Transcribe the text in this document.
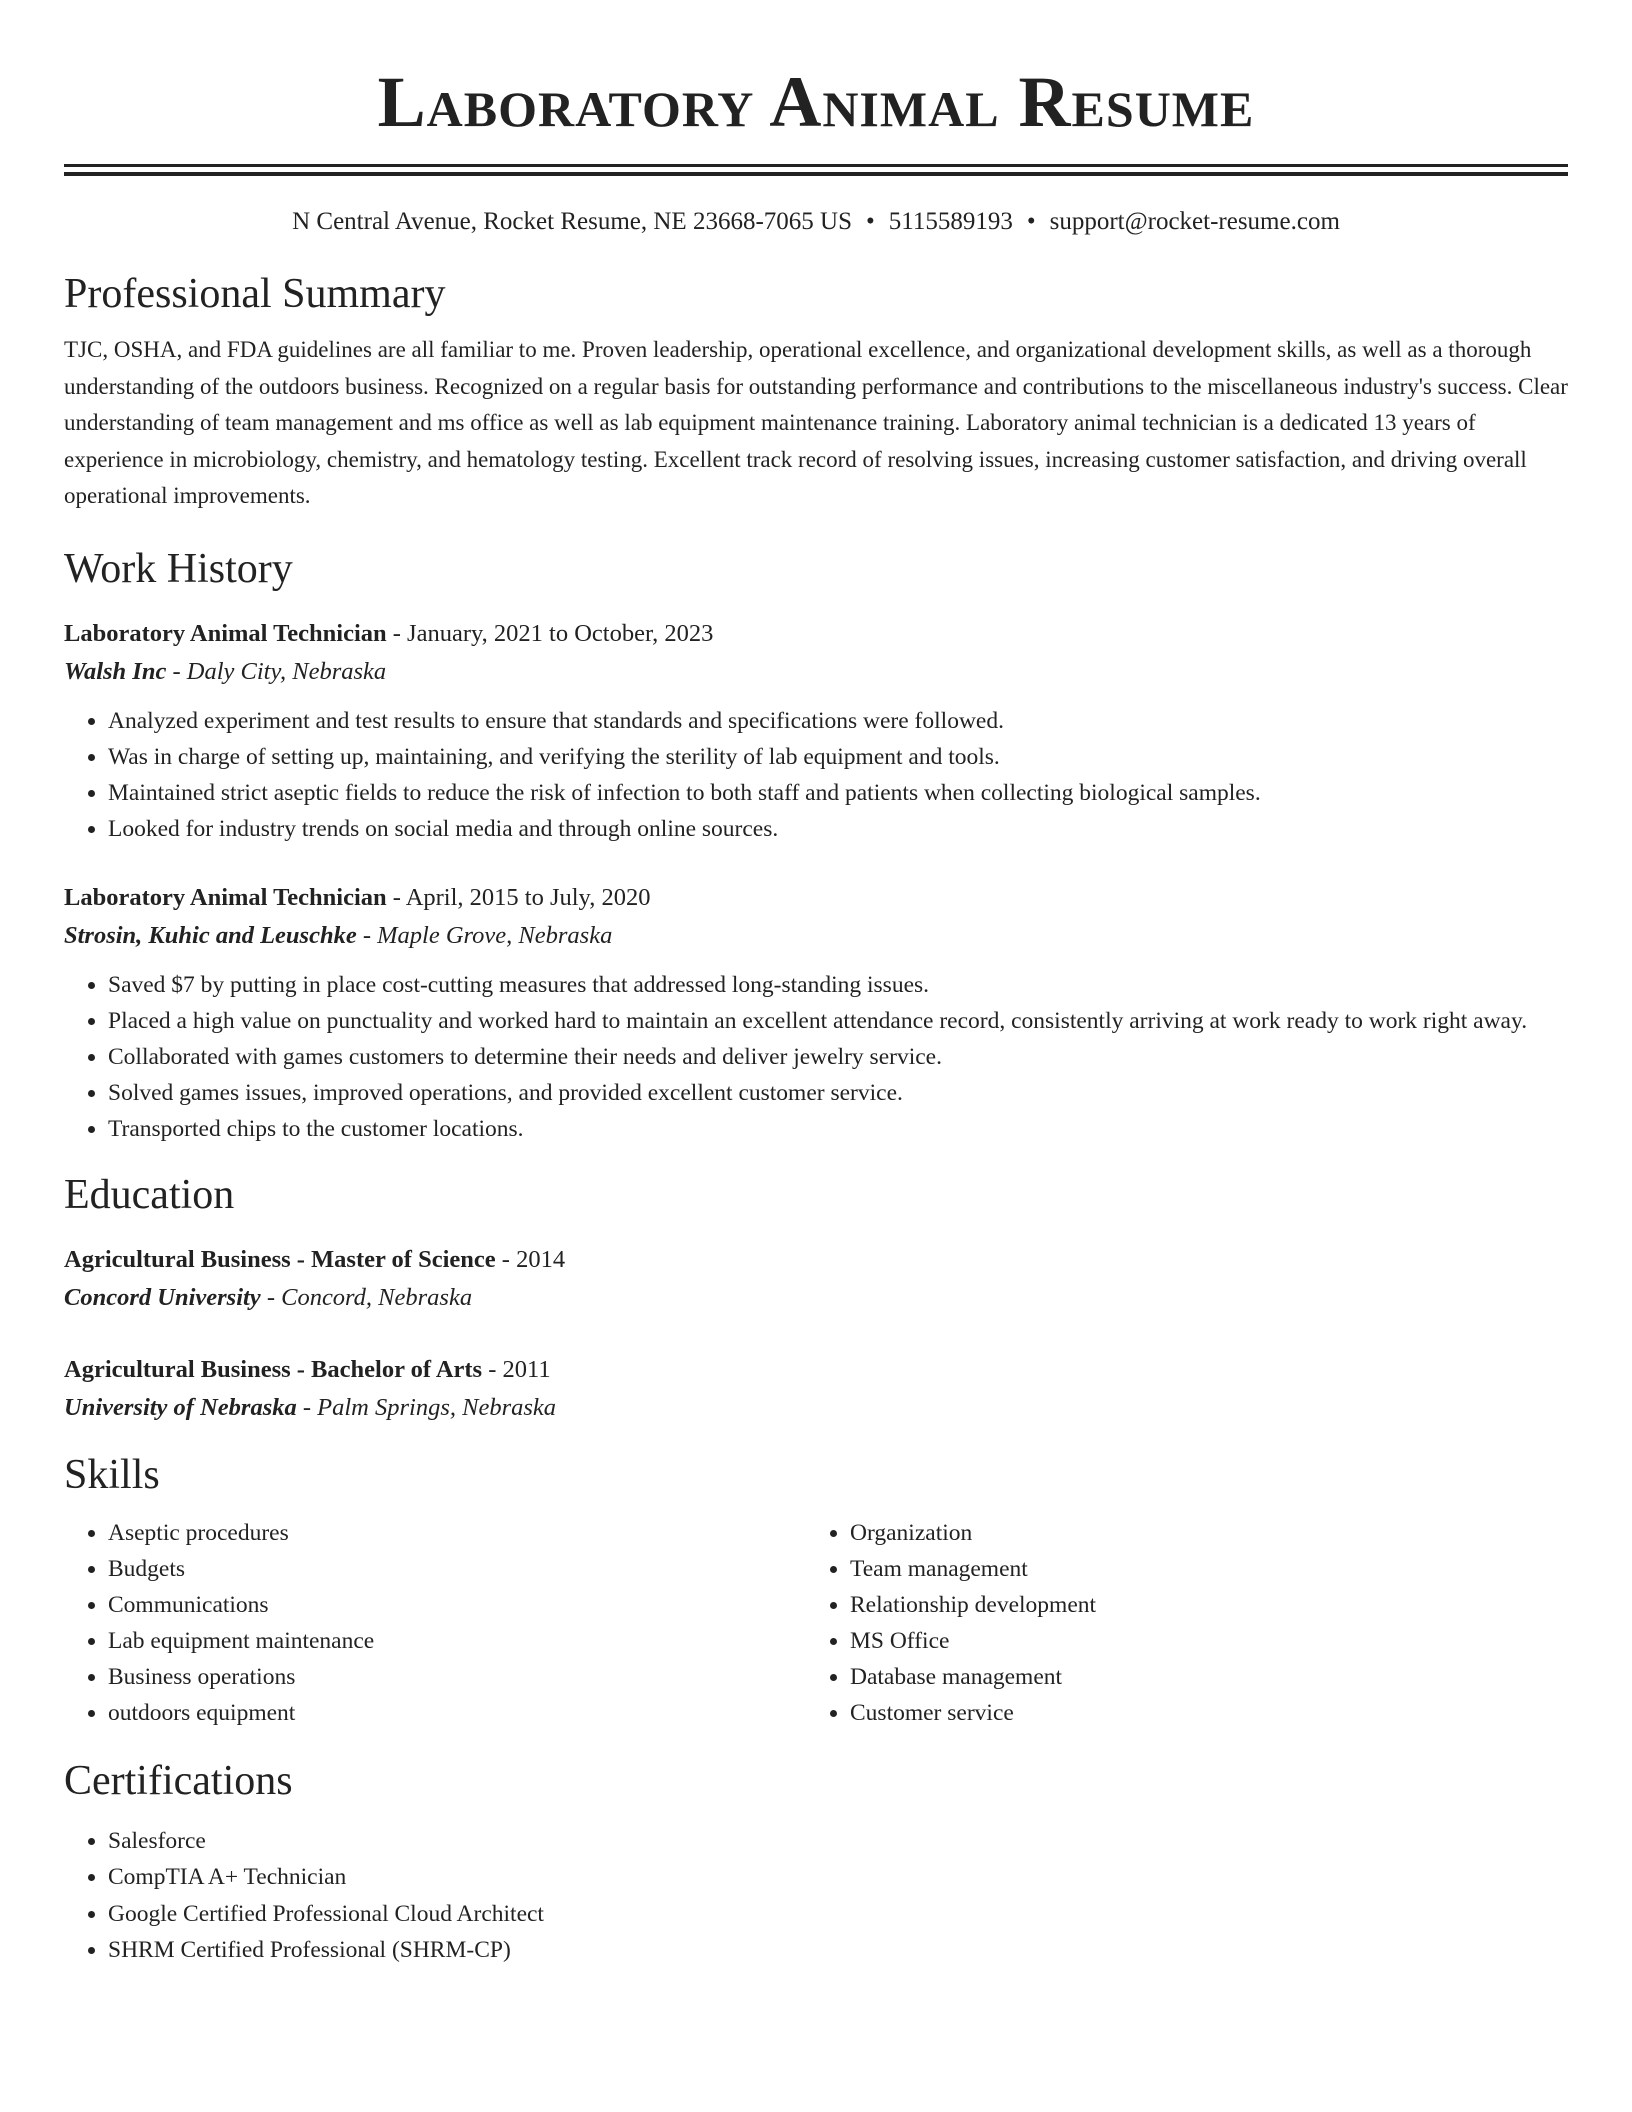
Laboratory Animal Resume
N Central Avenue, Rocket Resume, NE 23668-7065 US • 5115589193 • support@rocket-resume.com
Professional Summary

TJC, OSHA, and FDA guidelines are all familiar to me. Proven leadership, operational excellence, and organizational development skills, as well as a thorough understanding of the outdoors business. Recognized on a regular basis for outstanding performance and contributions to the miscellaneous industry's success. Clear understanding of team management and ms office as well as lab equipment maintenance training. Laboratory animal technician is a dedicated 13 years of experience in microbiology, chemistry, and hematology testing. Excellent track record of resolving issues, increasing customer satisfaction, and driving overall operational improvements.

Work History

Laboratory Animal Technician - January, 2021 to October, 2023

Walsh Inc - Daly City, Nebraska

• Analyzed experiment and test results to ensure that standards and specifications were followed.
• Was in charge of setting up, maintaining, and verifying the sterility of lab equipment and tools.
• Maintained strict aseptic fields to reduce the risk of infection to both staff and patients when collecting biological samples.
• Looked for industry trends on social media and through online sources.

Laboratory Animal Technician - April, 2015 to July, 2020

Strosin, Kuhic and Leuschke - Maple Grove, Nebraska

• Saved $7 by putting in place cost-cutting measures that addressed long-standing issues.
• Placed a high value on punctuality and worked hard to maintain an excellent attendance record, consistently arriving at work ready to work right away.
• Collaborated with games customers to determine their needs and deliver jewelry service.
• Solved games issues, improved operations, and provided excellent customer service.
• Transported chips to the customer locations.
Education

Agricultural Business - Master of Science - 2014

Concord University - Concord, Nebraska

Agricultural Business - Bachelor of Arts - 2011

University of Nebraska - Palm Springs, Nebraska

Skills
• Aseptic procedures
• Budgets
• Communications
• Lab equipment maintenance
• Business operations
• outdoors equipment
• Organization
• Team management
• Relationship development
• MS Office
• Database management
• Customer service
Certifications
• Salesforce
• CompTIA A+ Technician
• Google Certified Professional Cloud Architect
• SHRM Certified Professional (SHRM-CP)
